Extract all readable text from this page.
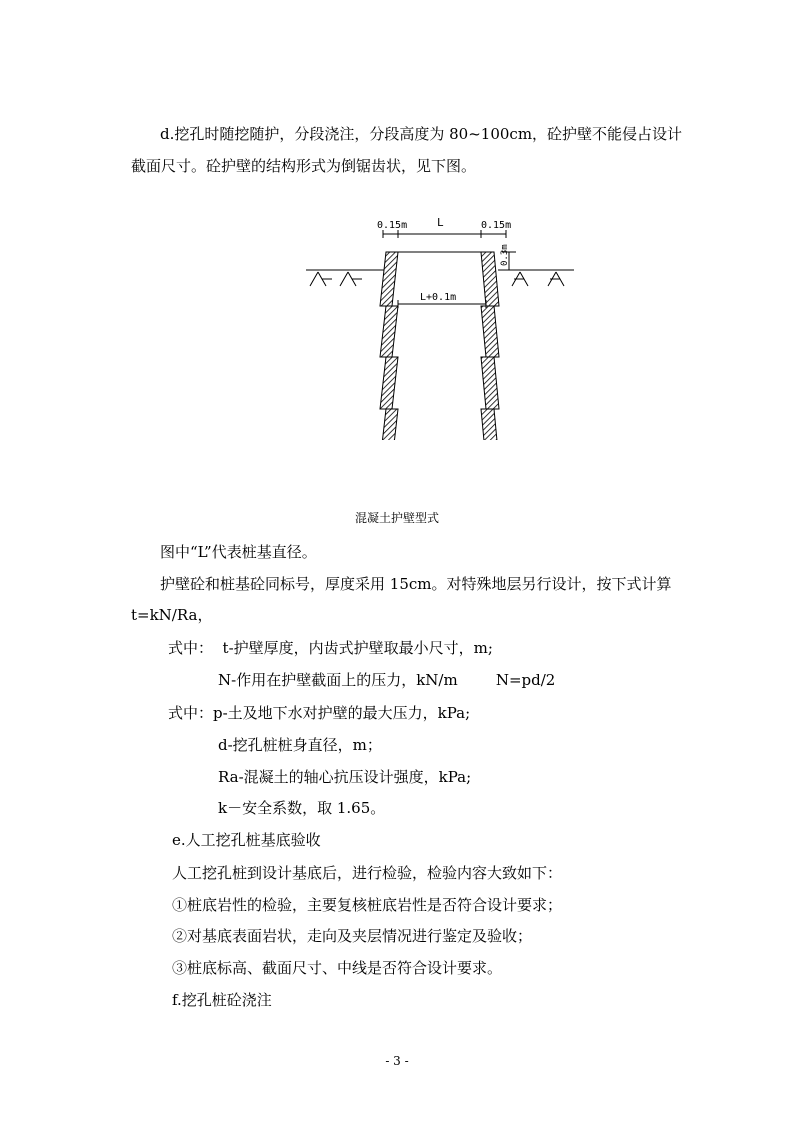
d.挖孔时随挖随护，分段浇注，分段高度为 80~100cm，砼护壁不能侵占设计
截面尺寸。砼护壁的结构形式为倒锯齿状，见下图。
0.15m	L	0.15m
0.3m
L+0.1m
混凝土护壁型式
图中“L”代表桩基直径。
护壁砼和桩基砼同标号，厚度采用 15cm。对特殊地层另行设计，按下式计算
t=kN/Ra，
式中：  t-护壁厚度，内齿式护壁取最小尺寸，m;
N-作用在护壁截面上的压力，kN/m        N=pd/2
式中：p-土及地下水对护壁的最大压力，kPa;
d-挖孔桩桩身直径，m；
Ra-混凝土的轴心抗压设计强度，kPa;
k－安全系数，取 1.65。
e.人工挖孔桩基底验收
人工挖孔桩到设计基底后，进行检验，检验内容大致如下：
①桩底岩性的检验，主要复核桩底岩性是否符合设计要求；
②对基底表面岩状，走向及夹层情况进行鉴定及验收；
③桩底标高、截面尺寸、中线是否符合设计要求。
f.挖孔桩砼浇注
- 3 -
